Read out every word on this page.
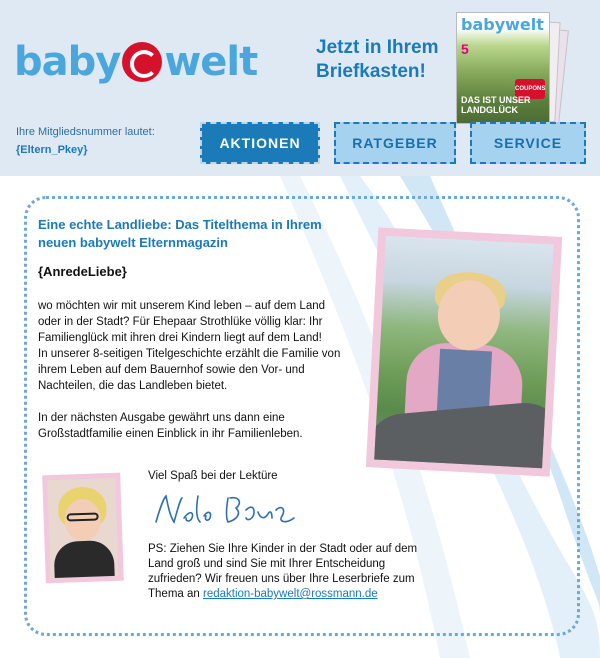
baby welt	Jetzt in Ihrem Briefkasten!
babywelt
5
COUPONS
DAS IST UNSER LANDGLÜCK
Ihre Mitgliedsnummer lautet:
{Eltern_Pkey}	AKTIONEN	RATGEBER	SERVICE
Eine echte Landliebe: Das Titelthema in Ihrem neuen babywelt Elternmagazin
{AnredeLiebe}

wo möchten wir mit unserem Kind leben – auf dem Land oder in der Stadt? Für Ehepaar Strothlüke völlig klar: Ihr Familienglück mit ihren drei Kindern liegt auf dem Land!
In unserer 8-seitigen Titelgeschichte erzählt die Familie von ihrem Leben auf dem Bauernhof sowie den Vor- und Nachteilen, die das Landleben bietet.

In der nächsten Ausgabe gewährt uns dann eine Großstadtfamilie einen Einblick in ihr Familienleben.

Viel Spaß bei der Lektüre
PS: Ziehen Sie Ihre Kinder in der Stadt oder auf dem Land groß und sind Sie mit Ihrer Entscheidung zufrieden? Wir freuen uns über Ihre Leserbriefe zum Thema an redaktion-babywelt@rossmann.de
